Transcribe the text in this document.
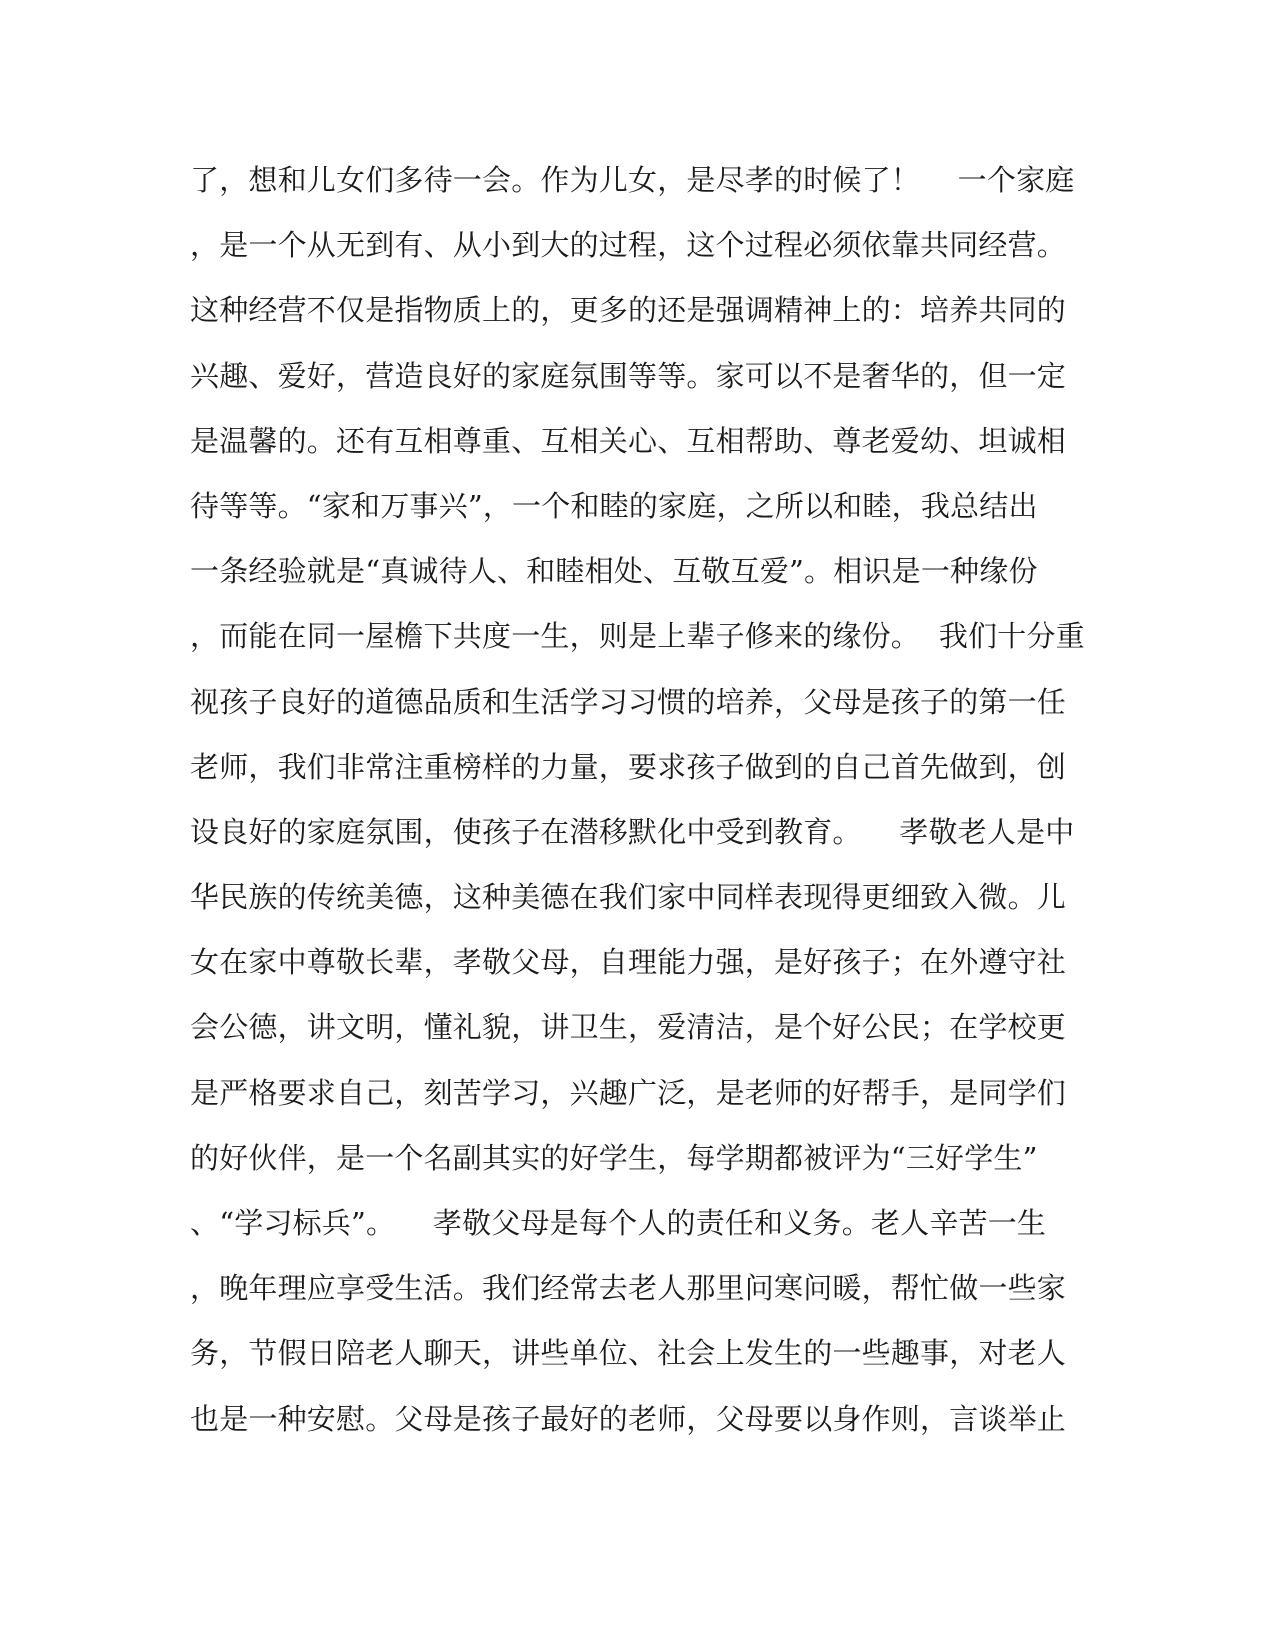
了，想和儿女们多待一会。作为儿女，是尽孝的时候了！    一个家庭
，是一个从无到有、从小到大的过程，这个过程必须依靠共同经营。
这种经营不仅是指物质上的，更多的还是强调精神上的：培养共同的
兴趣、爱好，营造良好的家庭氛围等等。家可以不是奢华的，但一定
是温馨的。还有互相尊重、互相关心、互相帮助、尊老爱幼、坦诚相
待等等。“家和万事兴”，一个和睦的家庭，之所以和睦，我总结出
一条经验就是“真诚待人、和睦相处、互敬互爱”。相识是一种缘份
，而能在同一屋檐下共度一生，则是上辈子修来的缘份。  我们十分重
视孩子良好的道德品质和生活学习习惯的培养，父母是孩子的第一任
老师，我们非常注重榜样的力量，要求孩子做到的自己首先做到，创
设良好的家庭氛围，使孩子在潜移默化中受到教育。    孝敬老人是中
华民族的传统美德，这种美德在我们家中同样表现得更细致入微。儿
女在家中尊敬长辈，孝敬父母，自理能力强，是好孩子；在外遵守社
会公德，讲文明，懂礼貌，讲卫生，爱清洁，是个好公民；在学校更
是严格要求自己，刻苦学习，兴趣广泛，是老师的好帮手，是同学们
的好伙伴，是一个名副其实的好学生，每学期都被评为“三好学生”
、“学习标兵”。    孝敬父母是每个人的责任和义务。老人辛苦一生
，晚年理应享受生活。我们经常去老人那里问寒问暖，帮忙做一些家
务，节假日陪老人聊天，讲些单位、社会上发生的一些趣事，对老人
也是一种安慰。父母是孩子最好的老师，父母要以身作则，言谈举止
